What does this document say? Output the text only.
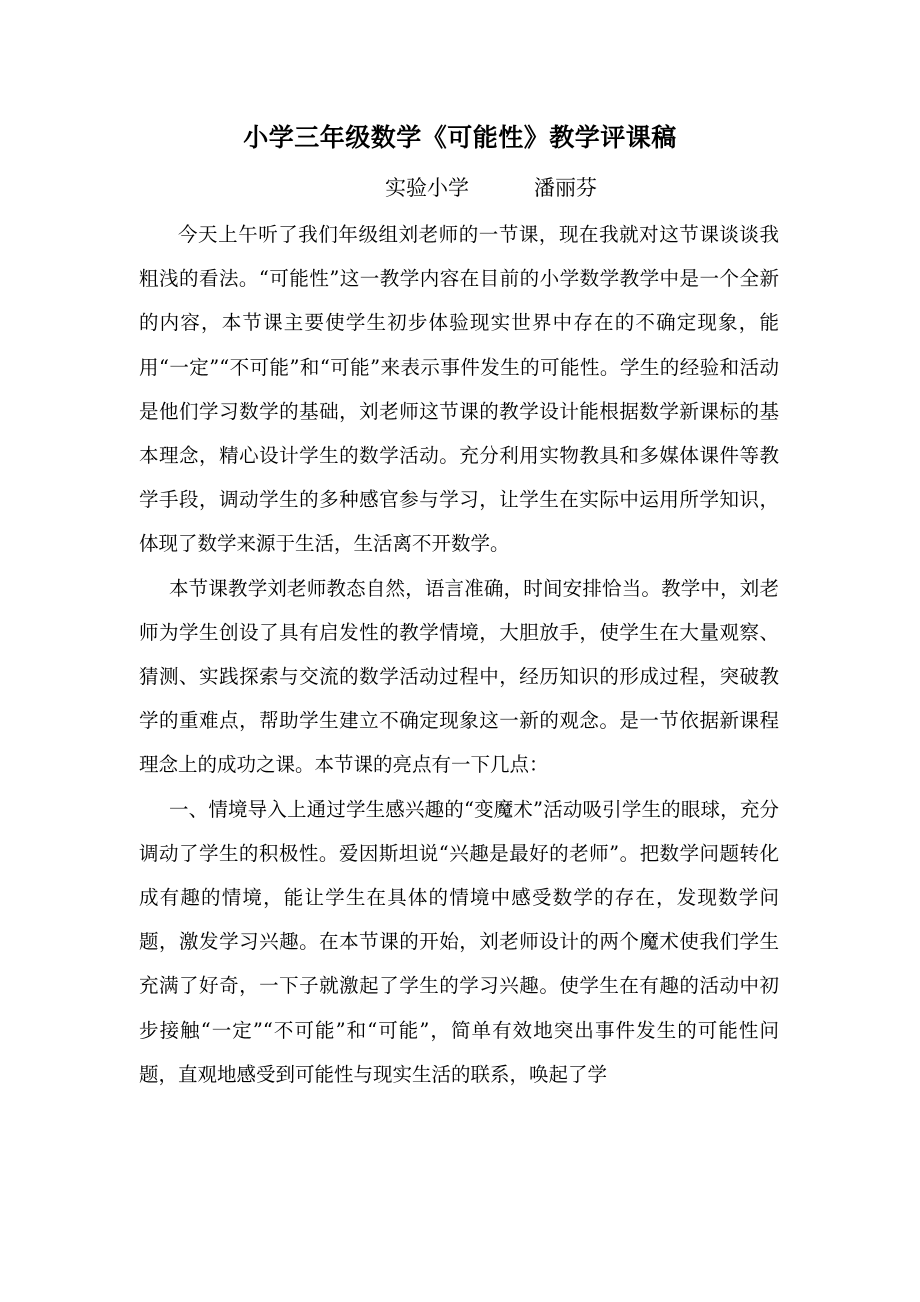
小学三年级数学《可能性》教学评课稿
实验小学	潘丽芬

今天上午听了我们年级组刘老师的一节课，现在我就对这节课谈谈我粗浅的看法。“可能性”这一教学内容在目前的小学数学教学中是一个全新的内容，本节课主要使学生初步体验现实世界中存在的不确定现象，能用“一定”“不可能”和“可能”来表示事件发生的可能性。学生的经验和活动是他们学习数学的基础，刘老师这节课的教学设计能根据数学新课标的基本理念，精心设计学生的数学活动。充分利用实物教具和多媒体课件等教学手段，调动学生的多种感官参与学习，让学生在实际中运用所学知识，体现了数学来源于生活，生活离不开数学。

本节课教学刘老师教态自然，语言准确，时间安排恰当。教学中，刘老师为学生创设了具有启发性的教学情境，大胆放手，使学生在大量观察、猜测、实践探索与交流的数学活动过程中，经历知识的形成过程，突破教学的重难点，帮助学生建立不确定现象这一新的观念。是一节依据新课程理念上的成功之课。本节课的亮点有一下几点：

一、情境导入上通过学生感兴趣的“变魔术”活动吸引学生的眼球，充分调动了学生的积极性。爱因斯坦说“兴趣是最好的老师”。把数学问题转化成有趣的情境，能让学生在具体的情境中感受数学的存在，发现数学问题，激发学习兴趣。在本节课的开始，刘老师设计的两个魔术使我们学生充满了好奇，一下子就激起了学生的学习兴趣。使学生在有趣的活动中初步接触“一定”“不可能”和“可能”，简单有效地突出事件发生的可能性问题，直观地感受到可能性与现实生活的联系，唤起了学
